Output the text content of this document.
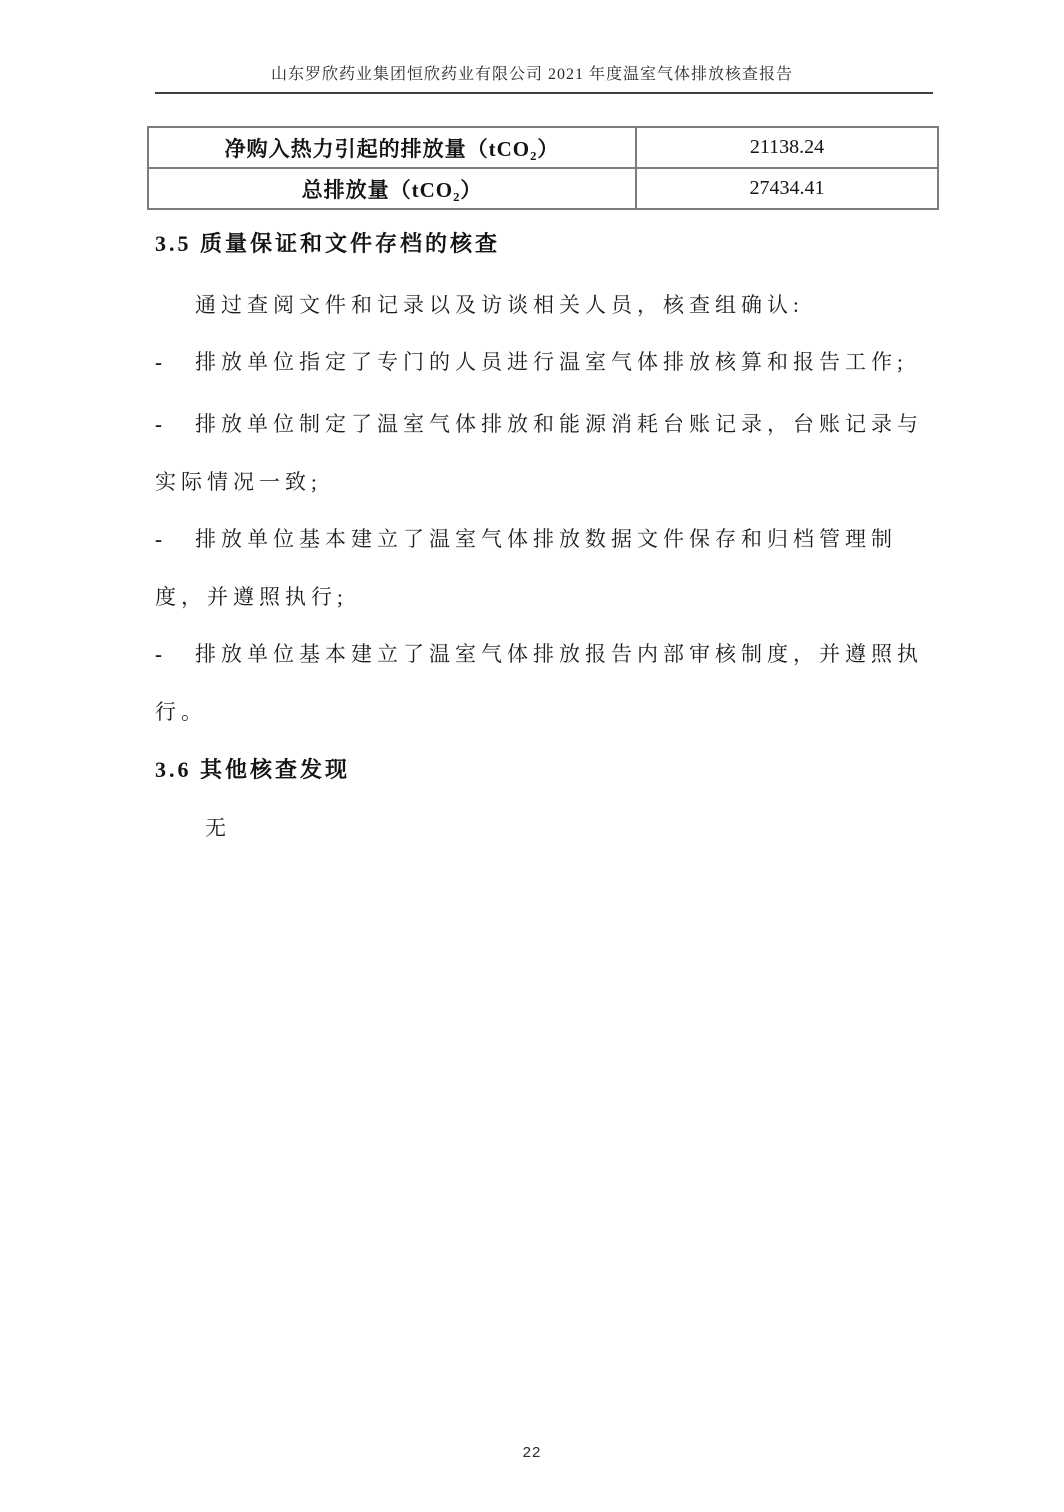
山东罗欣药业集团恒欣药业有限公司 2021 年度温室气体排放核查报告
净购入热力引起的排放量（tCO₂）	21138.24
总排放量（tCO₂）	27434.41
3.5 质量保证和文件存档的核查
通过查阅文件和记录以及访谈相关人员，核查组确认:
- 排放单位指定了专门的人员进行温室气体排放核算和报告工作;
- 排放单位制定了温室气体排放和能源消耗台账记录，台账记录与
实际情况一致;
- 排放单位基本建立了温室气体排放数据文件保存和归档管理制
度，并遵照执行;
- 排放单位基本建立了温室气体排放报告内部审核制度，并遵照执
行。
3.6 其他核查发现
无
22
